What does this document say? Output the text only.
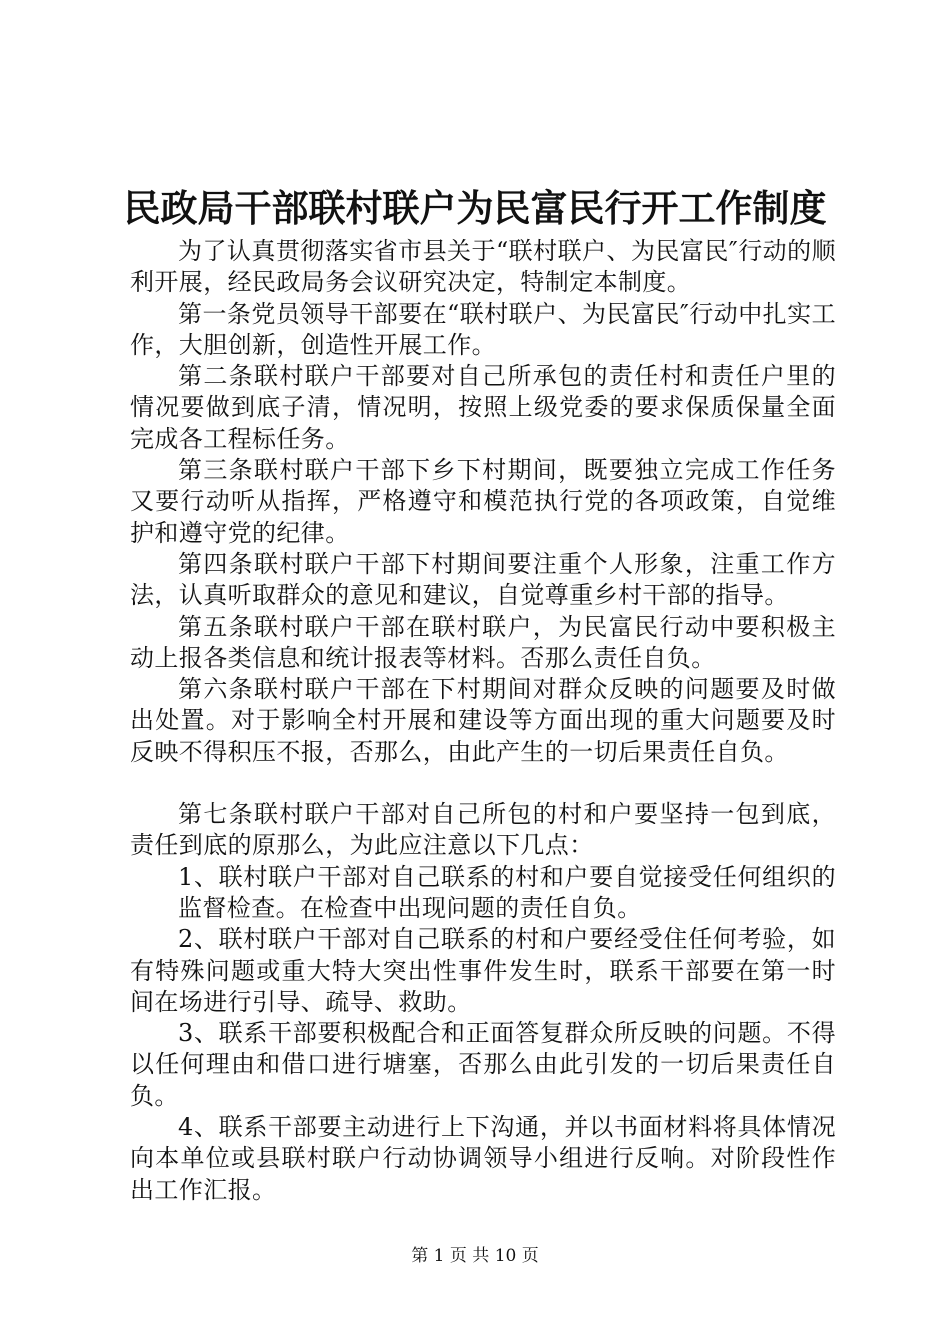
民政局干部联村联户为民富民行开工作制度

为了认真贯彻落实省市县关于“联村联户、为民富民″行动的顺利开展，经民政局务会议研究决定，特制定本制度。

第一条党员领导干部要在“联村联户、为民富民″行动中扎实工作，大胆创新，创造性开展工作。

第二条联村联户干部要对自己所承包的责任村和责任户里的情况要做到底子清，情况明，按照上级党委的要求保质保量全面完成各工程标任务。

第三条联村联户干部下乡下村期间，既要独立完成工作任务又要行动听从指挥，严格遵守和模范执行党的各项政策，自觉维护和遵守党的纪律。

第四条联村联户干部下村期间要注重个人形象，注重工作方法，认真听取群众的意见和建议，自觉尊重乡村干部的指导。

第五条联村联户干部在联村联户，为民富民行动中要积极主动上报各类信息和统计报表等材料。否那么责任自负。

第六条联村联户干部在下村期间对群众反映的问题要及时做出处置。对于影响全村开展和建设等方面出现的重大问题要及时反映不得积压不报，否那么，由此产生的一切后果责任自负。

第七条联村联户干部对自己所包的村和户要坚持一包到底，责任到底的原那么，为此应注意以下几点：

1、联村联户干部对自己联系的村和户要自觉接受任何组织的监督检查。在检查中出现问题的责任自负。

2、联村联户干部对自己联系的村和户要经受住任何考验，如有特殊问题或重大特大突出性事件发生时，联系干部要在第一时间在场进行引导、疏导、救助。

3、联系干部要积极配合和正面答复群众所反映的问题。不得以任何理由和借口进行塘塞，否那么由此引发的一切后果责任自负。

4、联系干部要主动进行上下沟通，并以书面材料将具体情况向本单位或县联村联户行动协调领导小组进行反响。对阶段性作出工作汇报。

第 1 页 共 10 页
